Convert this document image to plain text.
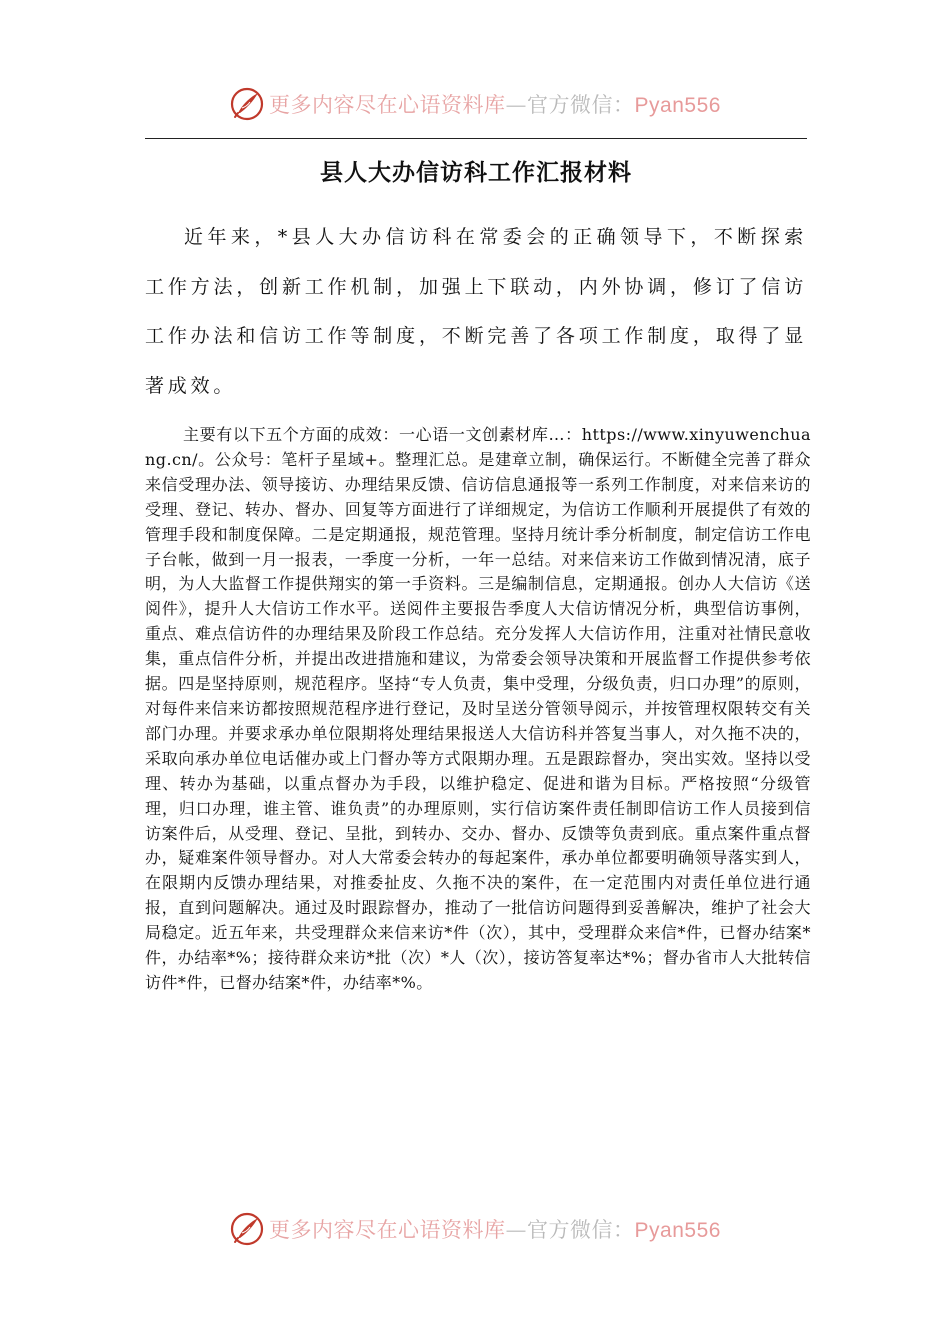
更多内容尽在心语资料库—官方微信：Pyan556
县人大办信访科工作汇报材料

近年来，*县人大办信访科在常委会的正确领导下，不断探索工作方法，创新工作机制，加强上下联动，内外协调，修订了信访工作办法和信访工作等制度，不断完善了各项工作制度，取得了显著成效。

主要有以下五个方面的成效：一心语一文创素材库…：https://www.xinyuwenchuang.cn/。公众号：笔杆子星域+。整理汇总。是建章立制，确保运行。不断健全完善了群众来信受理办法、领导接访、办理结果反馈、信访信息通报等一系列工作制度，对来信来访的受理、登记、转办、督办、回复等方面进行了详细规定，为信访工作顺利开展提供了有效的管理手段和制度保障。二是定期通报，规范管理。坚持月统计季分析制度，制定信访工作电子台帐，做到一月一报表，一季度一分析，一年一总结。对来信来访工作做到情况清，底子明，为人大监督工作提供翔实的第一手资料。三是编制信息，定期通报。创办人大信访《送阅件》，提升人大信访工作水平。送阅件主要报告季度人大信访情况分析，典型信访事例，重点、难点信访件的办理结果及阶段工作总结。充分发挥人大信访作用，注重对社情民意收集，重点信件分析，并提出改进措施和建议，为常委会领导决策和开展监督工作提供参考依据。四是坚持原则，规范程序。坚持“专人负责，集中受理，分级负责，归口办理”的原则，对每件来信来访都按照规范程序进行登记，及时呈送分管领导阅示，并按管理权限转交有关部门办理。并要求承办单位限期将处理结果报送人大信访科并答复当事人，对久拖不决的，采取向承办单位电话催办或上门督办等方式限期办理。五是跟踪督办，突出实效。坚持以受理、转办为基础，以重点督办为手段，以维护稳定、促进和谐为目标。严格按照“分级管理，归口办理，谁主管、谁负责”的办理原则，实行信访案件责任制即信访工作人员接到信访案件后，从受理、登记、呈批，到转办、交办、督办、反馈等负责到底。重点案件重点督办，疑难案件领导督办。对人大常委会转办的每起案件，承办单位都要明确领导落实到人，在限期内反馈办理结果，对推委扯皮、久拖不决的案件，在一定范围内对责任单位进行通报，直到问题解决。通过及时跟踪督办，推动了一批信访问题得到妥善解决，维护了社会大局稳定。近五年来，共受理群众来信来访*件（次），其中，受理群众来信*件，已督办结案*件，办结率*%；接待群众来访*批（次）*人（次），接访答复率达*%；督办省市人大批转信访件*件，已督办结案*件，办结率*%。

更多内容尽在心语资料库—官方微信：Pyan556
